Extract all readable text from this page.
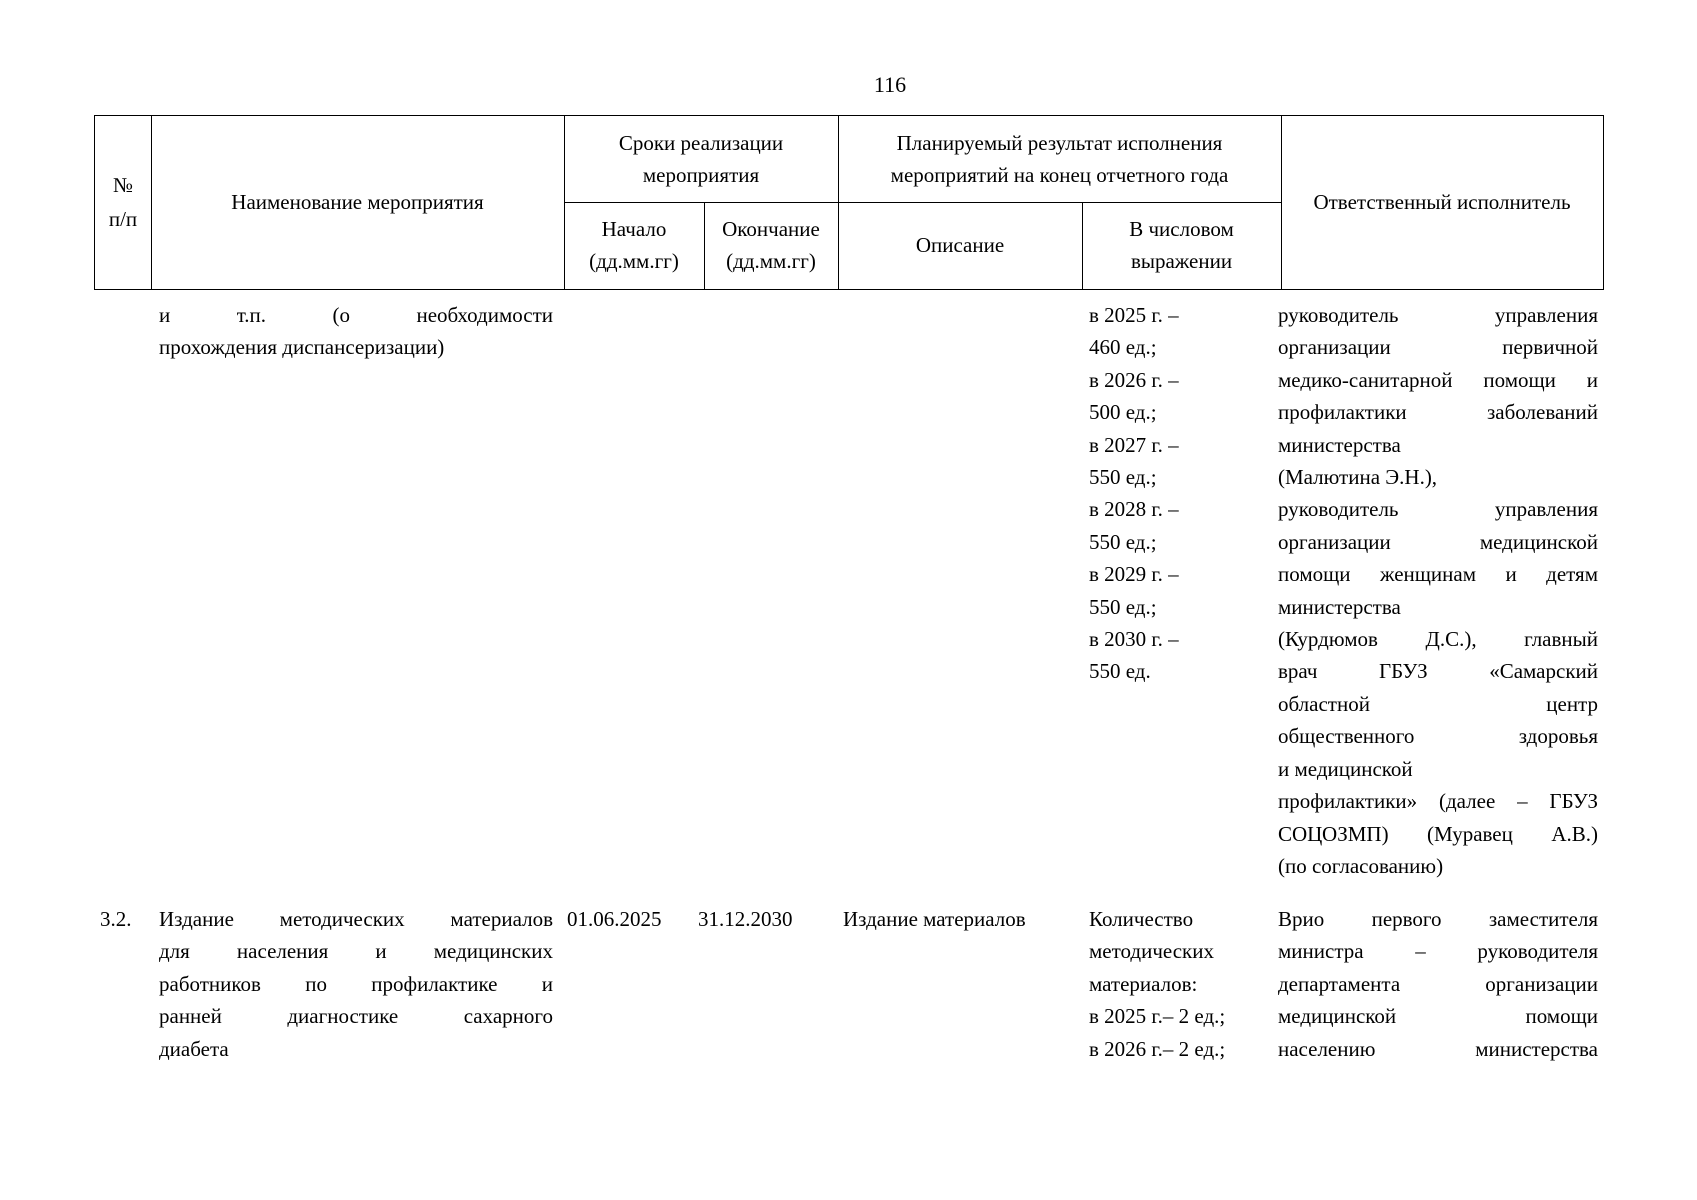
116
№
п/п
Наименование мероприятия
Сроки реализации
мероприятия
Начало
(дд.мм.гг)
Окончание
(дд.мм.гг)
Планируемый результат исполнения
мероприятий на конец отчетного года
Описание
В числовом
выражении
Ответственный исполнитель
и т.п. (о необходимости
прохождения диспансеризации)
в 2025 г. –
460 ед.;
в 2026 г. –
500 ед.;
в 2027 г. –
550 ед.;
в 2028 г. –
550 ед.;
в 2029 г. –
550 ед.;
в 2030 г. –
550 ед.
руководитель управления
организации первичной
медико-санитарной помощи и
профилактики заболеваний
министерства
(Малютина Э.Н.),
руководитель управления
организации медицинской
помощи женщинам и детям
министерства
(Курдюмов Д.С.), главный
врач ГБУЗ «Самарский
областной центр
общественного здоровья
и медицинской
профилактики» (далее – ГБУЗ
СОЦОЗМП) (Муравец А.В.)
(по согласованию)
3.2.	Издание методических материалов
для населения и медицинских
работников по профилактике и
ранней диагностике сахарного
диабета
01.06.2025 31.12.2030 Издание материалов	Количество
методических
материалов:
в 2025 г.– 2 ед.;
в 2026 г.– 2 ед.;
Врио первого заместителя
министра – руководителя
департамента организации
медицинской помощи
населению министерства
